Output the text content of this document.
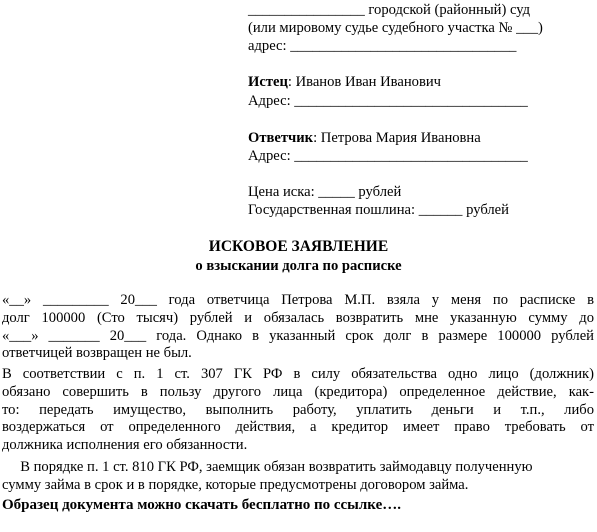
________________ городской (районный) суд
(или мировому судье судебного участка № ___)
адрес: _______________________________
Истец: Иванов Иван Иванович
Адрес: ________________________________
Ответчик: Петрова Мария Ивановна
Адрес: ________________________________
Цена иска: _____ рублей
Государственная пошлина: ______ рублей
ИСКОВОЕ ЗАЯВЛЕНИЕ
о взыскании долга по расписке
«__» _________ 20___ года ответчица Петрова М.П. взяла у меня по расписке в
долг 100000 (Сто тысяч) рублей и обязалась возвратить мне указанную сумму до
«___» _______ 20___ года. Однако в указанный срок долг в размере 100000 рублей
ответчицей возвращен не был.
В соответствии с п. 1 ст. 307 ГК РФ в силу обязательства одно лицо (должник)
обязано совершить в пользу другого лица (кредитора) определенное действие, как-
то: передать имущество, выполнить работу, уплатить деньги и т.п., либо
воздержаться от определенного действия, а кредитор имеет право требовать от
должника исполнения его обязанности.
В порядке п. 1 ст. 810 ГК РФ, заемщик обязан возвратить займодавцу полученную
сумму займа в срок и в порядке, которые предусмотрены договором займа.
Образец документа можно скачать бесплатно по ссылке….
